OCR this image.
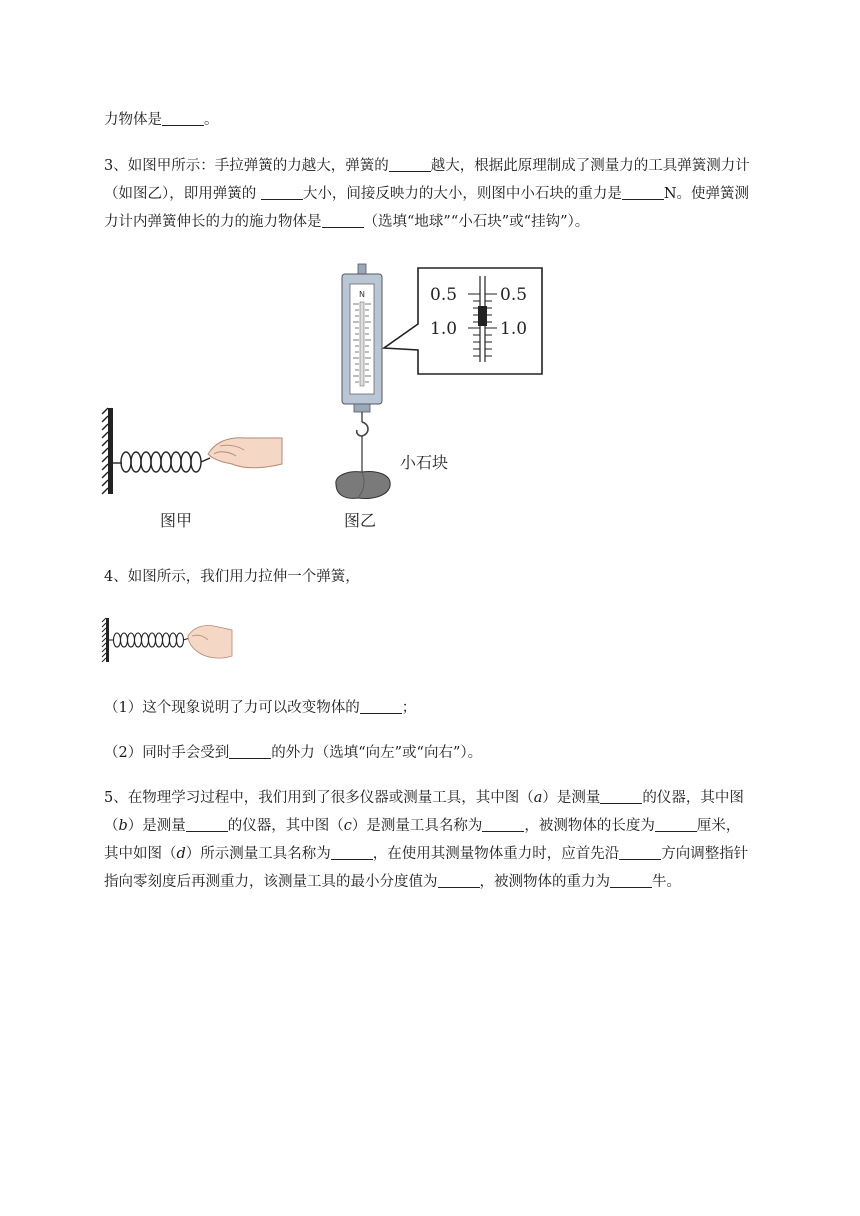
力物体是	。

3、如图甲所示：手拉弹簧的力越大，弹簧的	越大，根据此原理制成了测量力的工具弹簧测力计
（如图乙），即用弹簧的	大小，间接反映力的大小，则图中小石块的重力是	N。使弹簧测
力计内弹簧伸长的力的施力物体是	（选填“地球”“小石块”或“挂钩”）。

图甲
N
小石块
图乙
0.5
1.0
0.5
1.0

4、如图所示，我们用力拉伸一个弹簧，

（1）这个现象说明了力可以改变物体的	；

（2）同时手会受到	的外力（选填“向左”或“向右”）。

5、在物理学习过程中，我们用到了很多仪器或测量工具，其中图（a）是测量	的仪器，其中图
（b）是测量	的仪器，其中图（c）是测量工具名称为	，被测物体的长度为	厘米，
其中如图（d）所示测量工具名称为	，在使用其测量物体重力时，应首先沿	方向调整指针
指向零刻度后再测重力，该测量工具的最小分度值为	，被测物体的重力为	牛。
